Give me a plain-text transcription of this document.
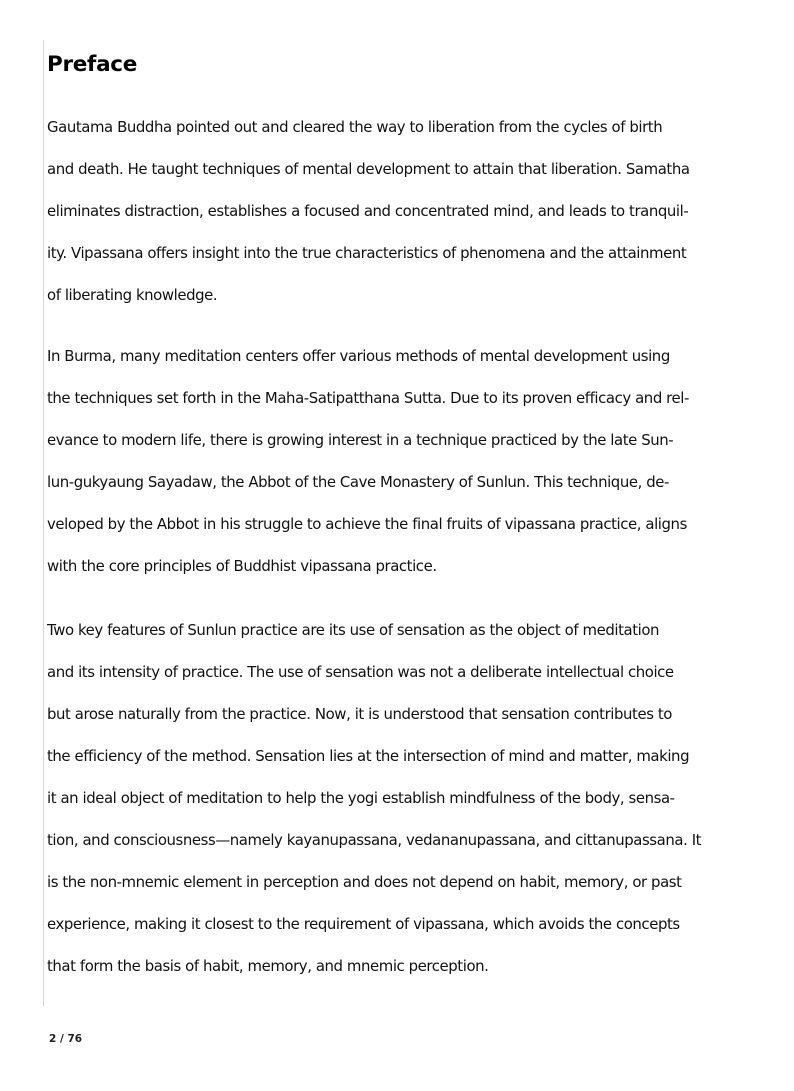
Preface
Gautama Buddha pointed out and cleared the way to liberation from the cycles of birth
and death. He taught techniques of mental development to attain that liberation. Samatha
eliminates distraction, establishes a focused and concentrated mind, and leads to tranquil-
ity. Vipassana offers insight into the true characteristics of phenomena and the attainment
of liberating knowledge.
In Burma, many meditation centers offer various methods of mental development using
the techniques set forth in the Maha-Satipatthana Sutta. Due to its proven efficacy and rel-
evance to modern life, there is growing interest in a technique practiced by the late Sun-
lun-gukyaung Sayadaw, the Abbot of the Cave Monastery of Sunlun. This technique, de-
veloped by the Abbot in his struggle to achieve the final fruits of vipassana practice, aligns
with the core principles of Buddhist vipassana practice.
Two key features of Sunlun practice are its use of sensation as the object of meditation
and its intensity of practice. The use of sensation was not a deliberate intellectual choice
but arose naturally from the practice. Now, it is understood that sensation contributes to
the efficiency of the method. Sensation lies at the intersection of mind and matter, making
it an ideal object of meditation to help the yogi establish mindfulness of the body, sensa-
tion, and consciousness—namely kayanupassana, vedananupassana, and cittanupassana. It
is the non-mnemic element in perception and does not depend on habit, memory, or past
experience, making it closest to the requirement of vipassana, which avoids the concepts
that form the basis of habit, memory, and mnemic perception.
2 / 76
